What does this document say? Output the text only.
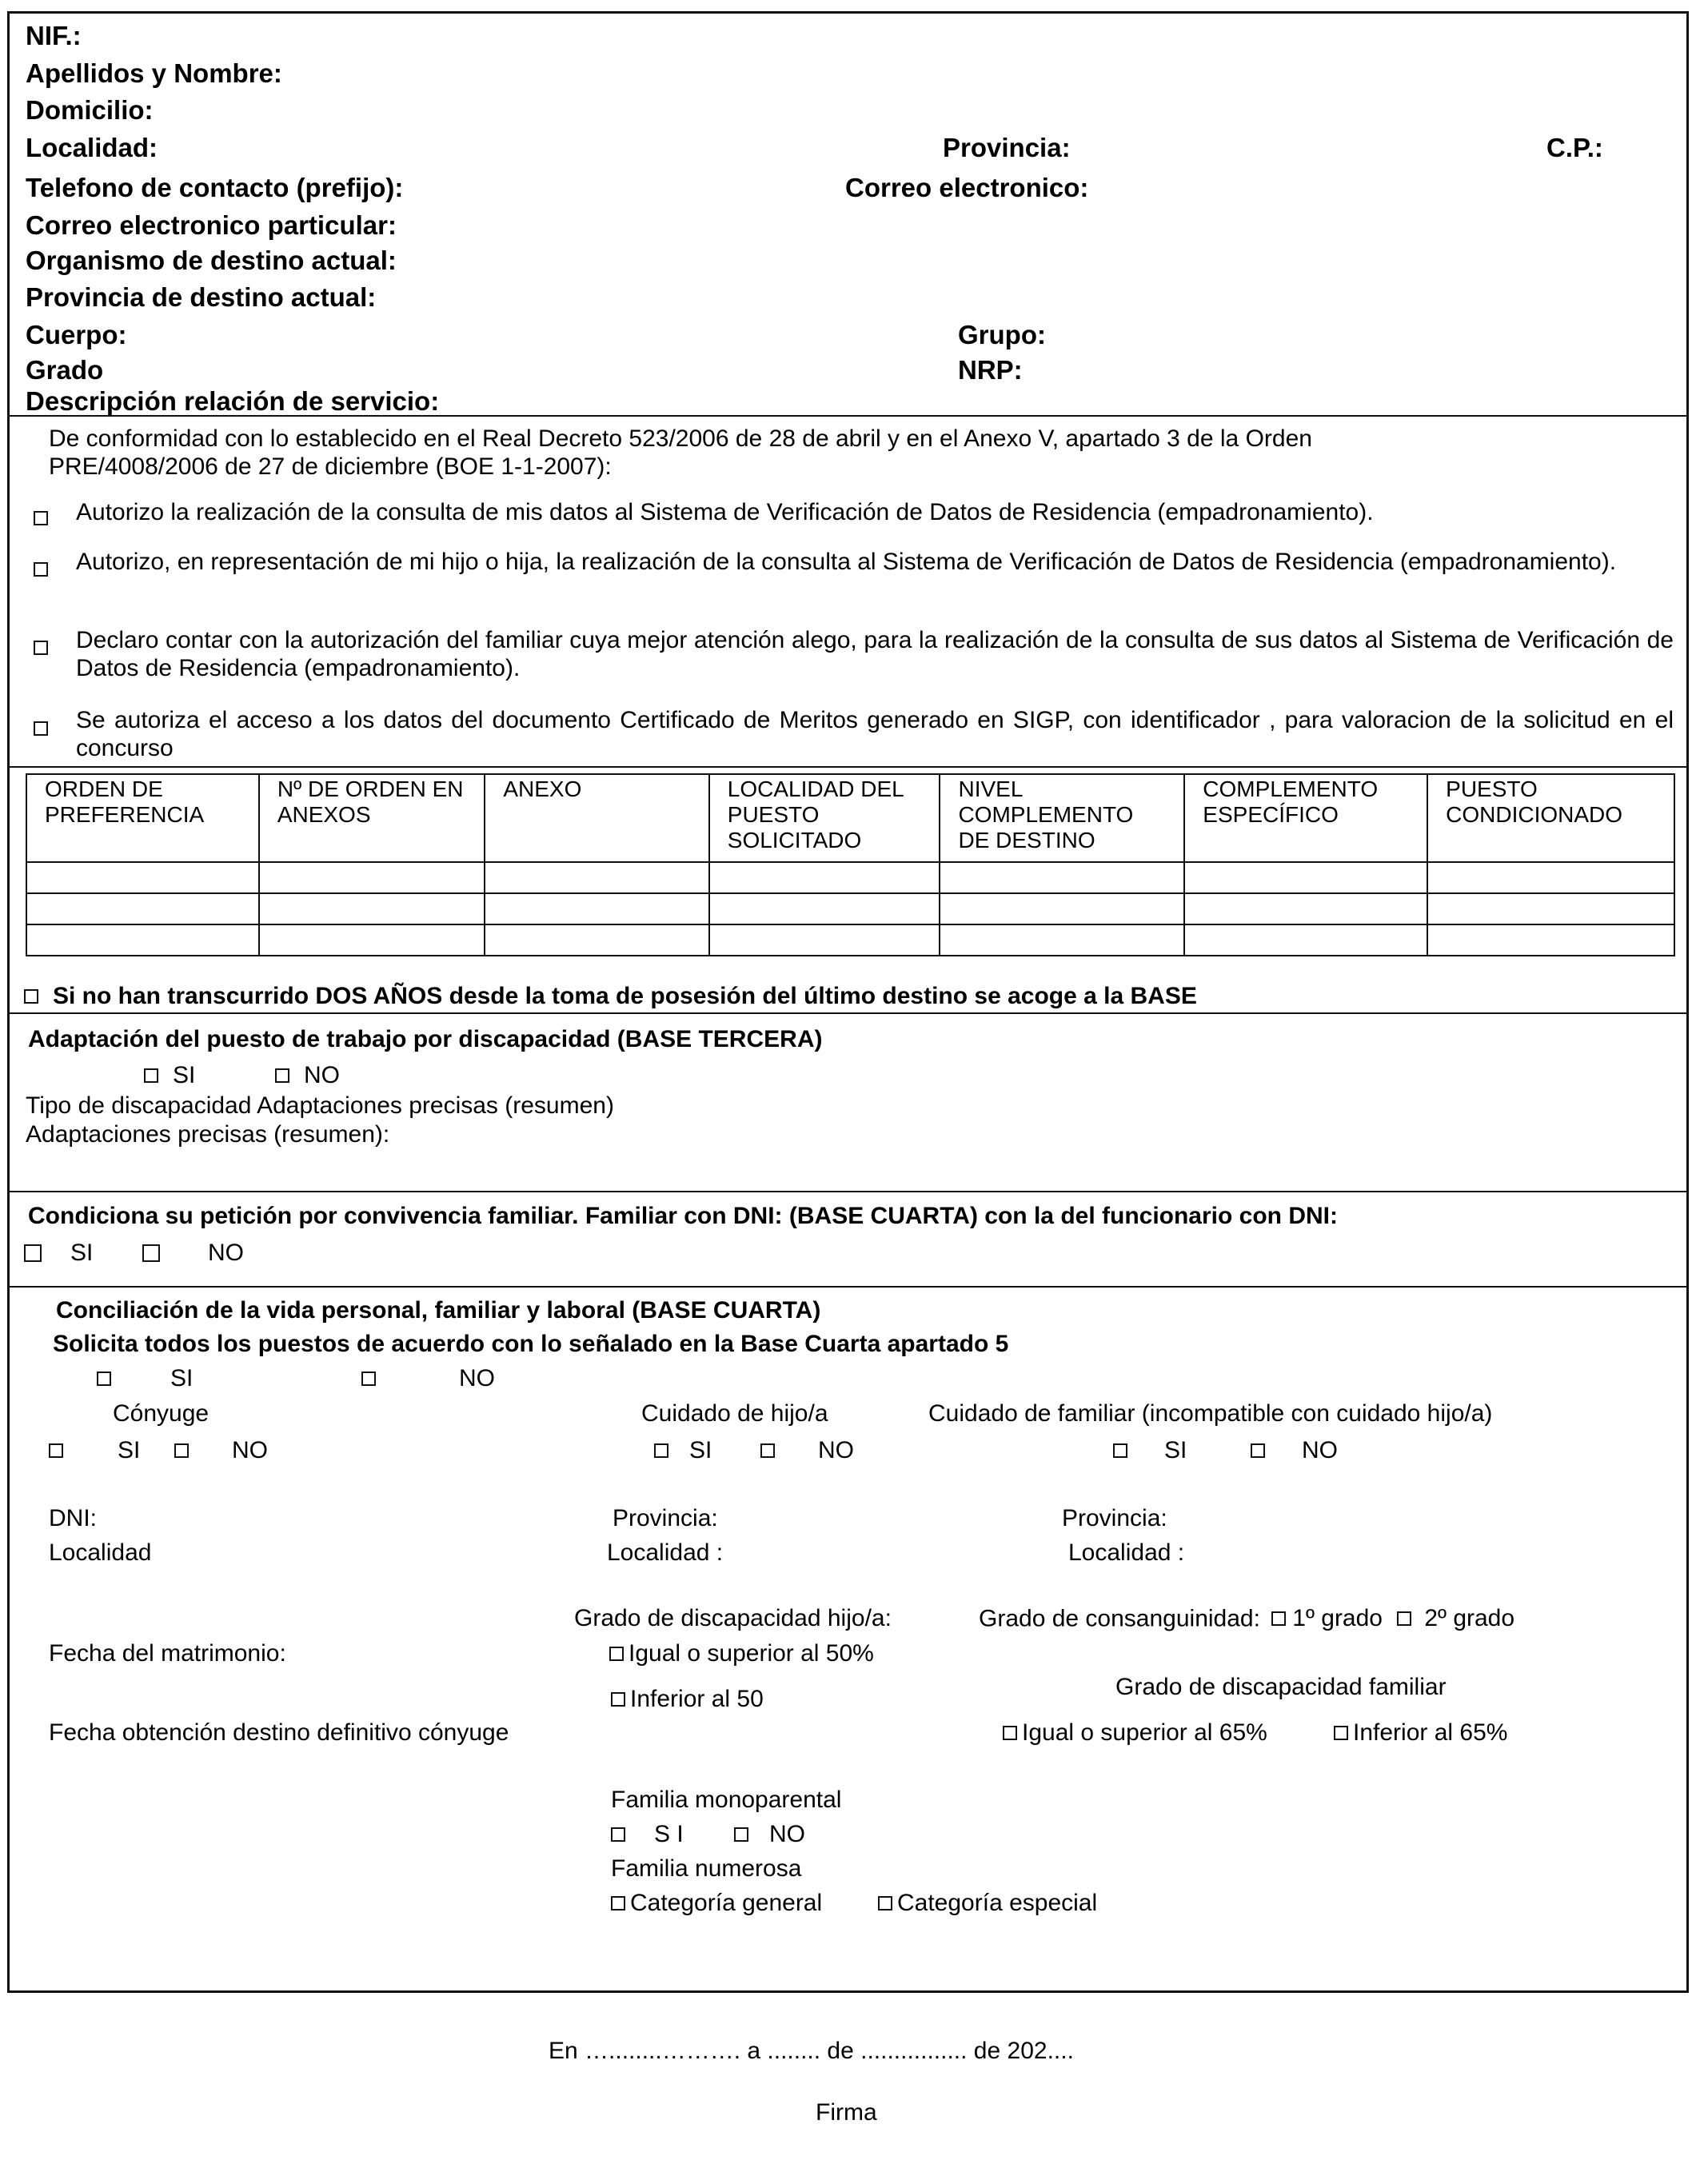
NIF.:
Apellidos y Nombre:
Domicilio:
Localidad:	Provincia:	C.P.:
Telefono de contacto (prefijo):	Correo electronico:
Correo electronico particular:
Organismo de destino actual:
Provincia de destino actual:
Cuerpo:	Grupo:
Grado	NRP:
Descripción relación de servicio:
De conformidad con lo establecido en el Real Decreto 523/2006 de 28 de abril y en el Anexo V, apartado 3 de la Orden PRE/4008/2006 de 27 de diciembre (BOE 1-1-2007):
Autorizo la realización de la consulta de mis datos al Sistema de Verificación de Datos de Residencia (empadronamiento).
Autorizo, en representación de mi hijo o hija, la realización de la consulta al Sistema de Verificación de Datos de Residencia (empadronamiento).
Declaro contar con la autorización del familiar cuya mejor atención alego, para la realización de la consulta de sus datos al Sistema de Verificación de Datos de Residencia (empadronamiento).
Se autoriza el acceso a los datos del documento Certificado de Meritos generado en SIGP, con identificador , para valoracion de la solicitud en el concurso
ORDEN DE PREFERENCIA	Nº DE ORDEN EN ANEXOS	ANEXO	LOCALIDAD DEL PUESTO SOLICITADO	NIVEL COMPLEMENTO DE DESTINO	COMPLEMENTO ESPECÍFICO	PUESTO CONDICIONADO

Si no han transcurrido DOS AÑOS desde la toma de posesión del último destino se acoge a la BASE
Adaptación del puesto de trabajo por discapacidad (BASE TERCERA)
SI	NO
Tipo de discapacidad Adaptaciones precisas (resumen)
Adaptaciones precisas (resumen):
Condiciona su petición por convivencia familiar. Familiar con DNI: (BASE CUARTA) con la del funcionario con DNI:
SI	NO
Conciliación de la vida personal, familiar y laboral (BASE CUARTA)
Solicita todos los puestos de acuerdo con lo señalado en la Base Cuarta apartado 5
SI	NO
Cónyuge	Cuidado de hijo/a	Cuidado de familiar (incompatible con cuidado hijo/a)
SI	NO	SI	NO	SI	NO
DNI:	Provincia:	Provincia:
Localidad	Localidad :	Localidad :
Grado de discapacidad hijo/a:	Grado de consanguinidad: 1º grado
2º grado
Fecha del matrimonio:	Igual o superior al 50%
Grado de discapacidad familiar
Inferior al 50
Fecha obtención destino definitivo cónyuge	Igual o superior al 65%	Inferior al 65%
Familia monoparental
S I	NO
Familia numerosa
Categoría general	Categoría especial
En …........………. a ........ de ................ de 202....
Firma
